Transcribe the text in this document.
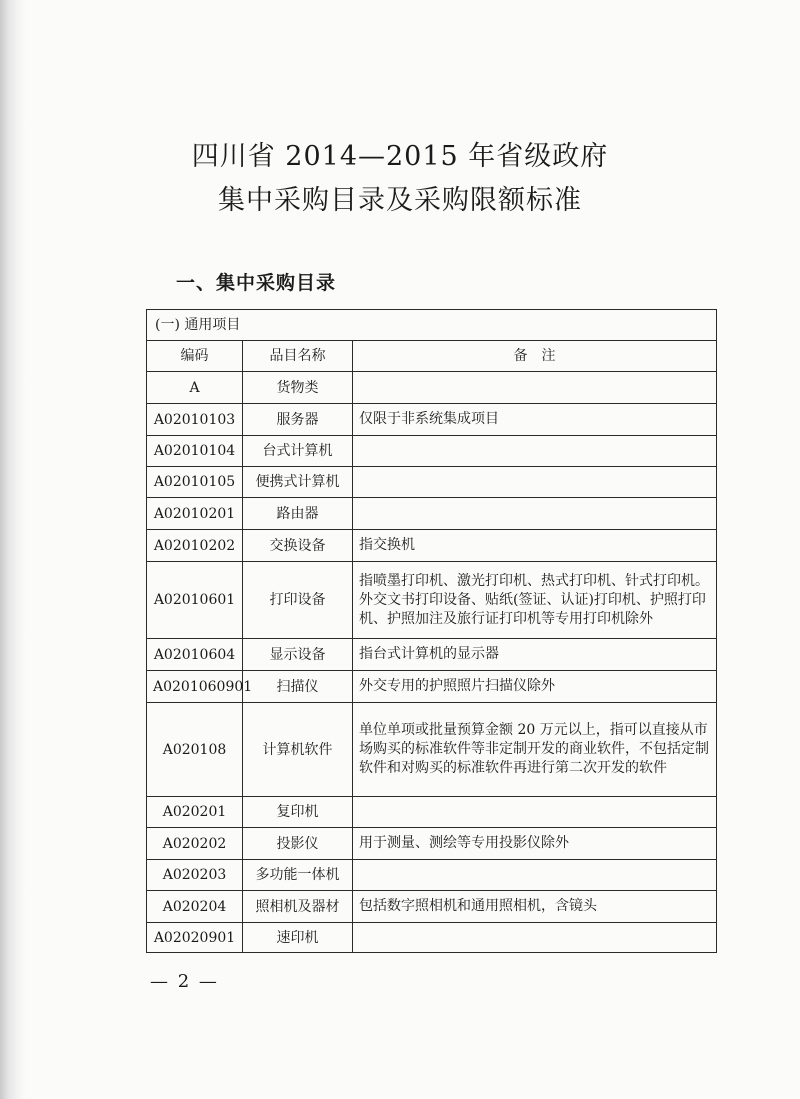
四川省 2014—2015 年省级政府
集中采购目录及采购限额标准
一、集中采购目录
(一) 通用项目		
编码	品目名称	备　注
A	货物类	
A02010103	服务器	仅限于非系统集成项目
A02010104	台式计算机	
A02010105	便携式计算机	
A02010201	路由器	
A02010202	交换设备	指交换机
A02010601	打印设备	指喷墨打印机、激光打印机、热式打印机、针式打印机。外交文书打印设备、贴纸(签证、认证)打印机、护照打印机、护照加注及旅行证打印机等专用打印机除外
A02010604	显示设备	指台式计算机的显示器
A0201060901	扫描仪	外交专用的护照照片扫描仪除外
A020108	计算机软件	单位单项或批量预算金额 20 万元以上，指可以直接从市场购买的标准软件等非定制开发的商业软件，不包括定制软件和对购买的标准软件再进行第二次开发的软件
A020201	复印机	
A020202	投影仪	用于测量、测绘等专用投影仪除外
A020203	多功能一体机	
A020204	照相机及器材	包括数字照相机和通用照相机，含镜头
A02020901	速印机	
— 2 —
